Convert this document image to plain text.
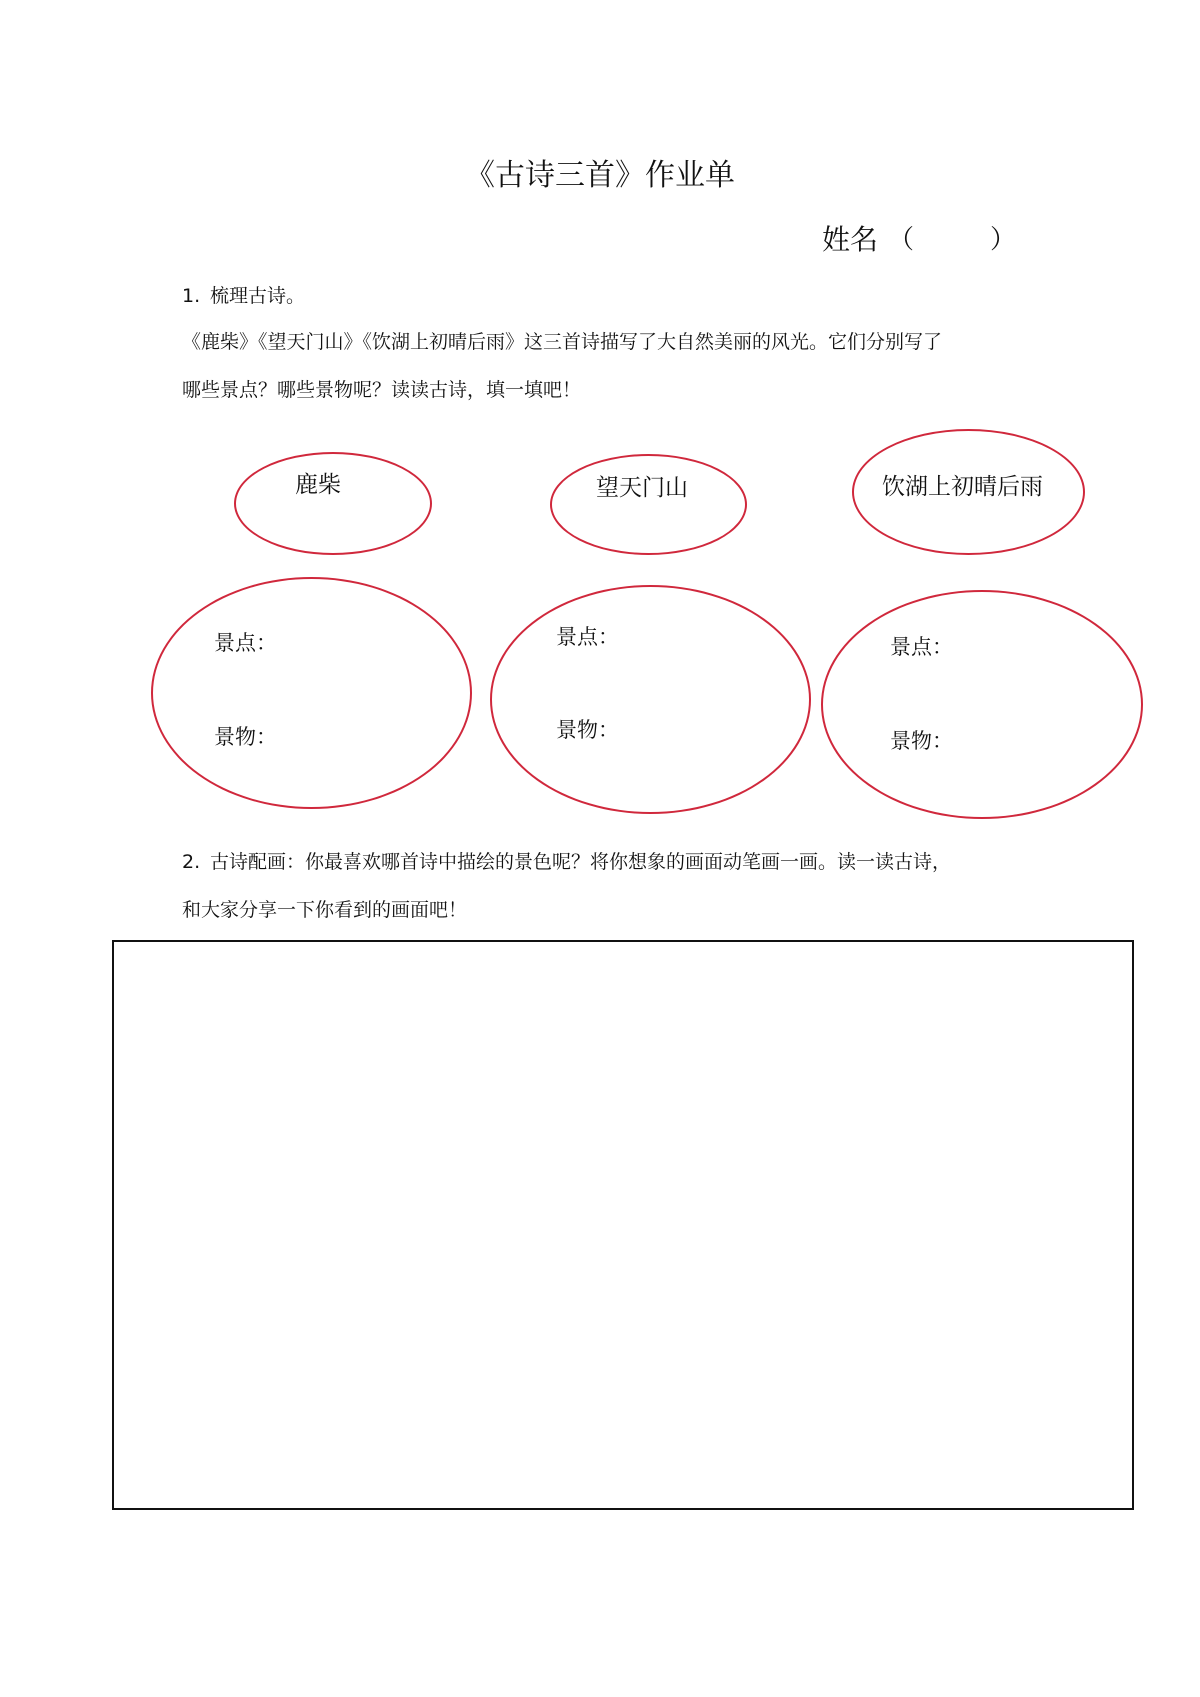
《古诗三首》作业单
姓名 （	）
1. 梳理古诗。
《鹿柴》《望天门山》《饮湖上初晴后雨》这三首诗描写了大自然美丽的风光。它们分别写了
哪些景点？哪些景物呢？读读古诗，填一填吧！
鹿柴	望天门山	饮湖上初晴后雨
景点：
景物：
景点：
景物：
景点：
景物：
2. 古诗配画：你最喜欢哪首诗中描绘的景色呢？将你想象的画面动笔画一画。读一读古诗，
和大家分享一下你看到的画面吧！
